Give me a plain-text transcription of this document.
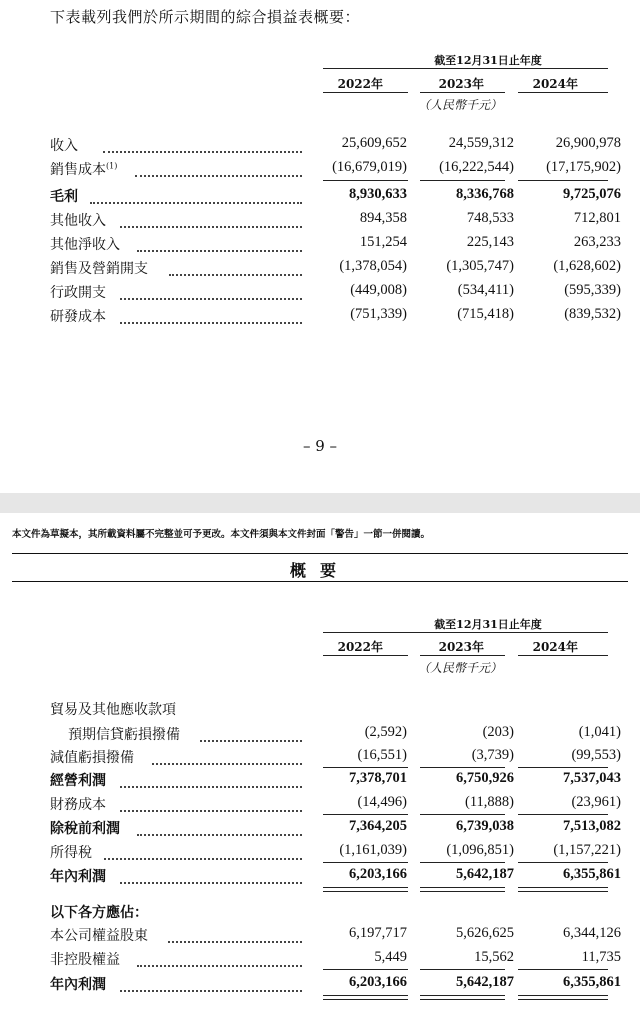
下表載列我們於所示期間的綜合損益表概要：
截至12月31日止年度
2022年	2023年	2024年
（人民幣千元）
收入	25,609,652	24,559,312	26,900,978
銷售成本$^{(1)}$	(16,679,019)	(16,222,544)	(17,175,902)
毛利	8,930,633	8,336,768	9,725,076
其他收入	894,358	748,533	712,801
其他淨收入	151,254	225,143	263,233
銷售及營銷開支	(1,378,054)	(1,305,747)	(1,628,602)
行政開支	(449,008)	(534,411)	(595,339)
研發成本	(751,339)	(715,418)	(839,532)
– 9 –
本文件為草擬本，其所載資料屬不完整並可予更改。本文件須與本文件封面「警告」一節一併閱讀。
概要
截至12月31日止年度
2022年	2023年	2024年
（人民幣千元）
貿易及其他應收款項
預期信貸虧損撥備	(2,592)	(203)	(1,041)
減值虧損撥備	(16,551)	(3,739)	(99,553)
經營利潤	7,378,701	6,750,926	7,537,043
財務成本	(14,496)	(11,888)	(23,961)
除稅前利潤	7,364,205	6,739,038	7,513,082
所得稅	(1,161,039)	(1,096,851)	(1,157,221)
年內利潤	6,203,166	5,642,187	6,355,861
以下各方應佔：
本公司權益股東	6,197,717	5,626,625	6,344,126
非控股權益	5,449	15,562	11,735
年內利潤	6,203,166	5,642,187	6,355,861
